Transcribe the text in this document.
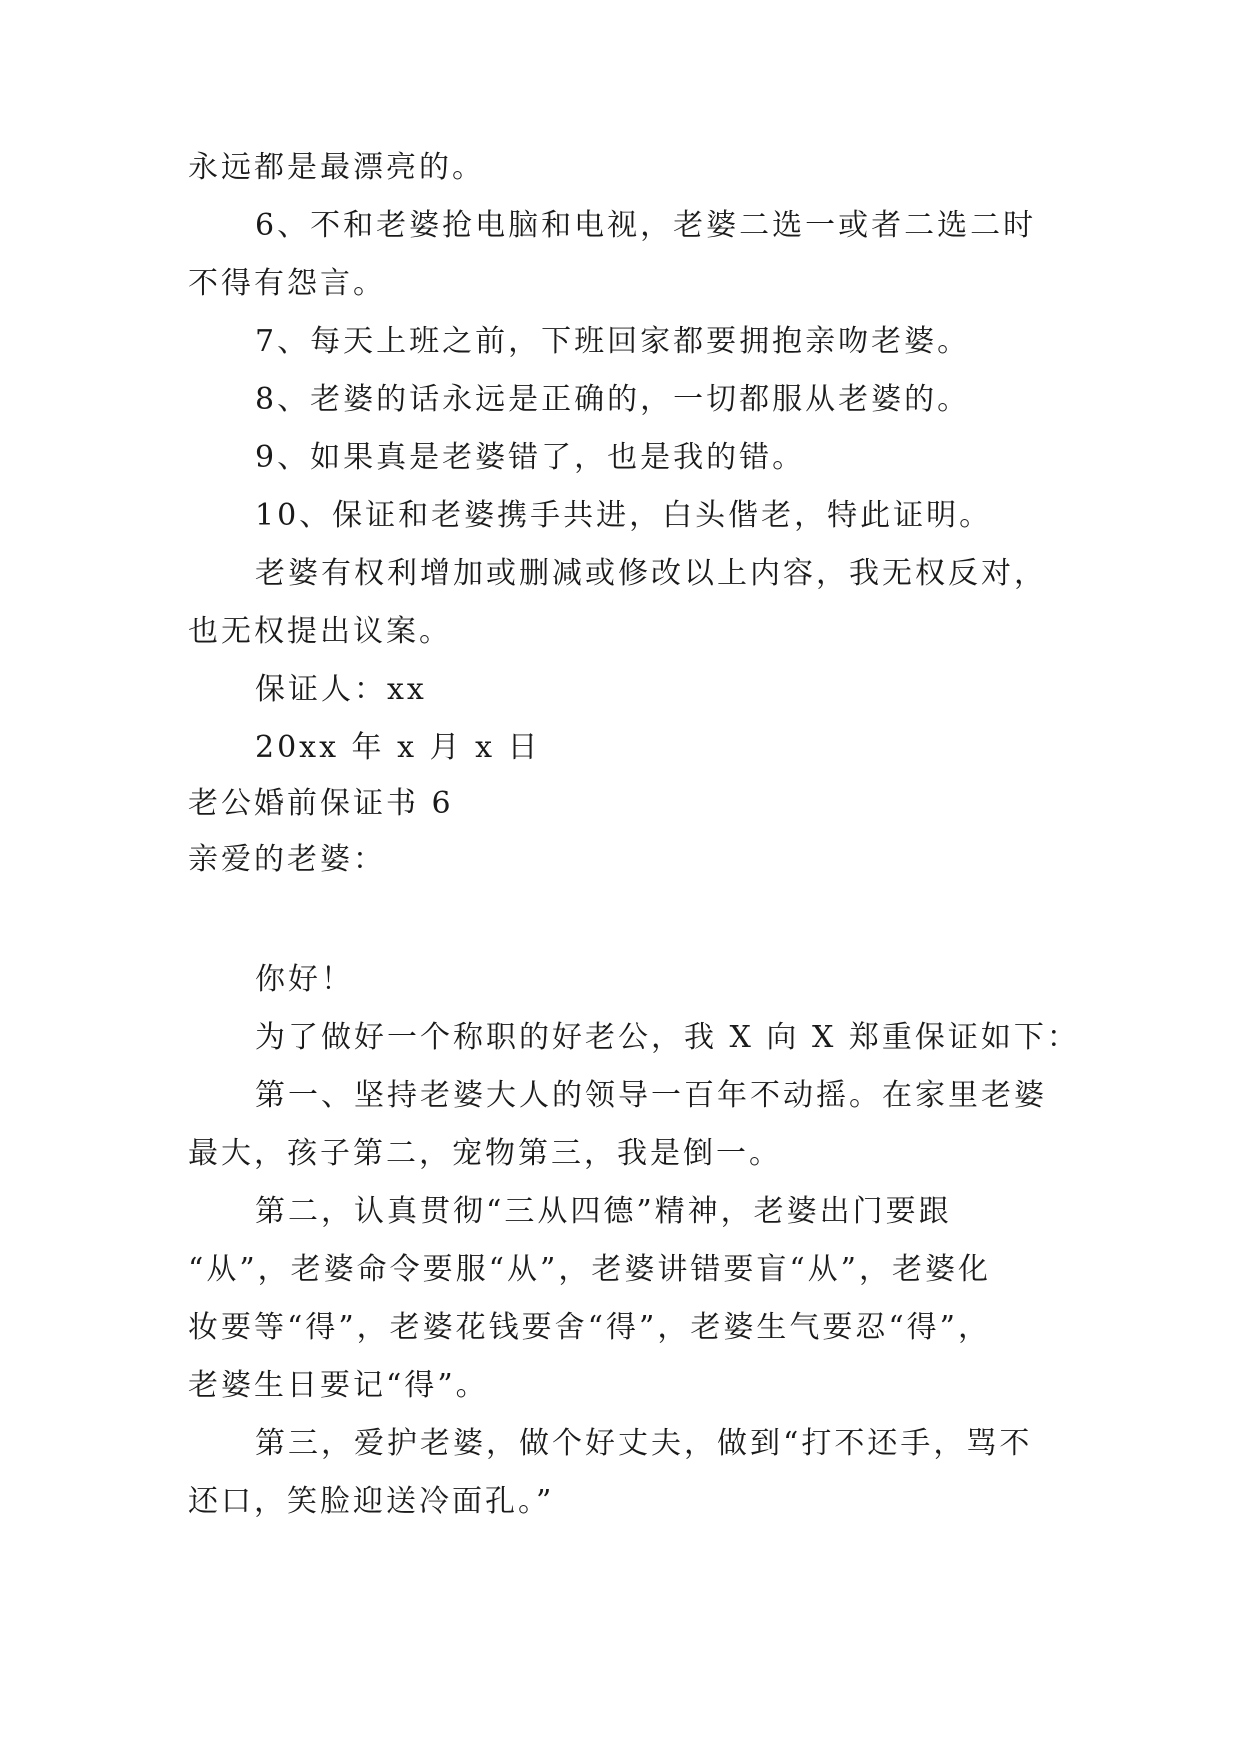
永远都是最漂亮的。
6、不和老婆抢电脑和电视，老婆二选一或者二选二时
不得有怨言。
7、每天上班之前，下班回家都要拥抱亲吻老婆。
8、老婆的话永远是正确的，一切都服从老婆的。
9、如果真是老婆错了，也是我的错。
10、保证和老婆携手共进，白头偕老，特此证明。
老婆有权利增加或删减或修改以上内容，我无权反对，
也无权提出议案。
保证人：xx
20xx 年 x 月 x 日
老公婚前保证书 6
亲爱的老婆：
你好！
为了做好一个称职的好老公，我 X 向 X 郑重保证如下：
第一、坚持老婆大人的领导一百年不动摇。在家里老婆
最大，孩子第二，宠物第三，我是倒一。
第二，认真贯彻“三从四德”精神，老婆出门要跟
“从”，老婆命令要服“从”，老婆讲错要盲“从”，老婆化
妆要等“得”，老婆花钱要舍“得”，老婆生气要忍“得”，
老婆生日要记“得”。
第三，爱护老婆，做个好丈夫，做到“打不还手，骂不
还口，笑脸迎送冷面孔。”
